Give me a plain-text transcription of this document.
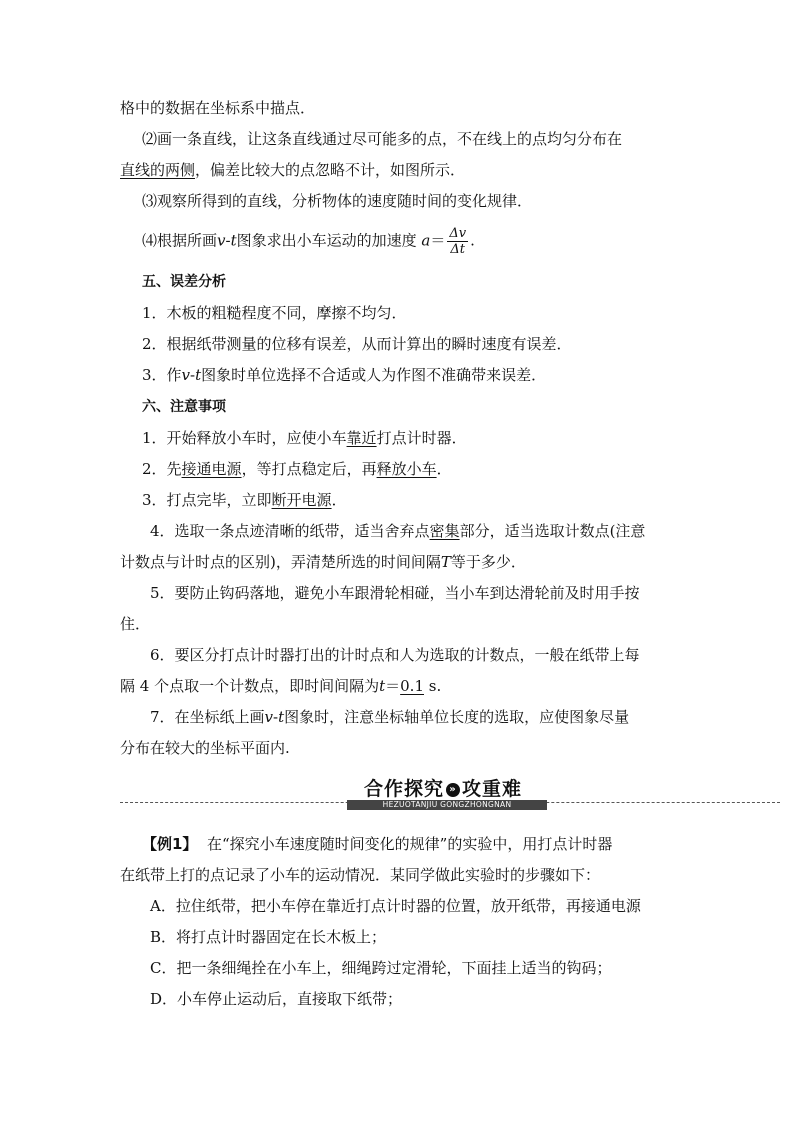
格中的数据在坐标系中描点．
⑵画一条直线，让这条直线通过尽可能多的点，不在线上的点均匀分布在
直线的两侧，偏差比较大的点忽略不计，如图所示．
⑶观察所得到的直线，分析物体的速度随时间的变化规律．
⑷根据所画v-t图象求出小车运动的加速度 $a= \frac{\Delta v}{\Delta t}$ .
五、误差分析
1．木板的粗糙程度不同，摩擦不均匀．
2．根据纸带测量的位移有误差，从而计算出的瞬时速度有误差．
3．作v-t图象时单位选择不合适或人为作图不准确带来误差．
六、注意事项
1．开始释放小车时，应使小车靠近打点计时器．
2．先接通电源，等打点稳定后，再释放小车．
3．打点完毕，立即断开电源．
4．选取一条点迹清晰的纸带，适当舍弃点密集部分，适当选取计数点(注意
计数点与计时点的区别)，弄清楚所选的时间间隔T等于多少．
5．要防止钩码落地，避免小车跟滑轮相碰，当小车到达滑轮前及时用手按
住．
6．要区分打点计时器打出的计时点和人为选取的计数点，一般在纸带上每
隔 4 个点取一个计数点，即时间间隔为t＝0.1 s.
7．在坐标纸上画v-t图象时，注意坐标轴单位长度的选取，应使图象尽量
分布在较大的坐标平面内.
合作探究 » 攻重难
HEZUOTANJIU GONGZHONGNAN
【例1】 在“探究小车速度随时间变化的规律”的实验中，用打点计时器
在纸带上打的点记录了小车的运动情况．某同学做此实验时的步骤如下：
A．拉住纸带，把小车停在靠近打点计时器的位置，放开纸带，再接通电源
B．将打点计时器固定在长木板上；
C．把一条细绳拴在小车上，细绳跨过定滑轮，下面挂上适当的钩码；
D．小车停止运动后，直接取下纸带；
